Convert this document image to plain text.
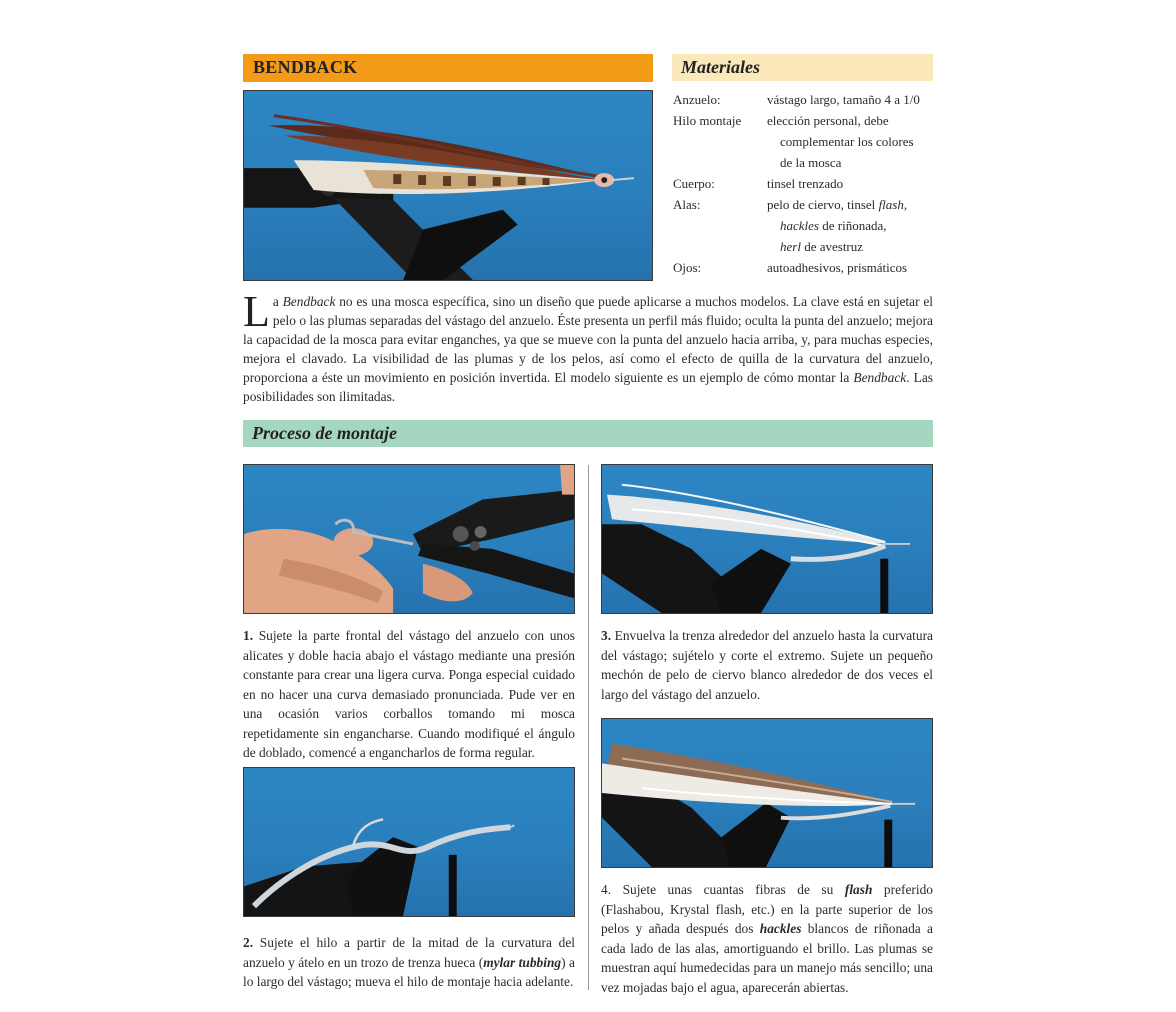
BENDBACK	Materiales
Anzuelo:	vástago largo, tamaño 4 a 1/0
Hilo montaje	elección personal, debe
complementar los colores
de la mosca
Cuerpo:	tinsel trenzado
Alas:	pelo de ciervo, tinsel flash,
hackles de riñonada,
herl de avestruz
Ojos:	autoadhesivos, prismáticos
La Bendback no es una mosca específica, sino un diseño que puede aplicarse a muchos modelos. La clave está en sujetar el pelo o las plumas separadas del vástago del anzuelo. Éste presenta un perfil más fluido; oculta la punta del anzuelo; mejora la capacidad de la mosca para evitar enganches, ya que se mueve con la punta del anzuelo hacia arriba, y, para muchas especies, mejora el clavado. La visibilidad de las plumas y de los pelos, así como el efecto de quilla de la curvatura del anzuelo, proporciona a éste un movimiento en posición invertida. El modelo siguiente es un ejemplo de cómo montar la Bendback. Las posibilidades son ilimitadas.
Proceso de montaje
1. Sujete la parte frontal del vástago del anzuelo con unos alicates y doble hacia abajo el vástago mediante una presión constante para crear una ligera curva. Ponga especial cuidado en no hacer una curva demasiado pronunciada. Pude ver en una ocasión varios corballos tomando mi mosca repetidamente sin engancharse. Cuando modifiqué el ángulo de doblado, comencé a engancharlos de forma regular.
2. Sujete el hilo a partir de la mitad de la curvatura del anzuelo y átelo en un trozo de trenza hueca (mylar tubbing) a lo largo del vástago; mueva el hilo de montaje hacia adelante.
3. Envuelva la trenza alrededor del anzuelo hasta la curvatura del vástago; sujételo y corte el extremo. Sujete un pequeño mechón de pelo de ciervo blanco alrededor de dos veces el largo del vástago del anzuelo.
4. Sujete unas cuantas fibras de su flash preferido (Flashabou, Krystal flash, etc.) en la parte superior de los pelos y añada después dos hackles blancos de riñonada a cada lado de las alas, amortiguando el brillo. Las plumas se muestran aquí humedecidas para un manejo más sencillo; una vez mojadas bajo el agua, aparecerán abiertas.
